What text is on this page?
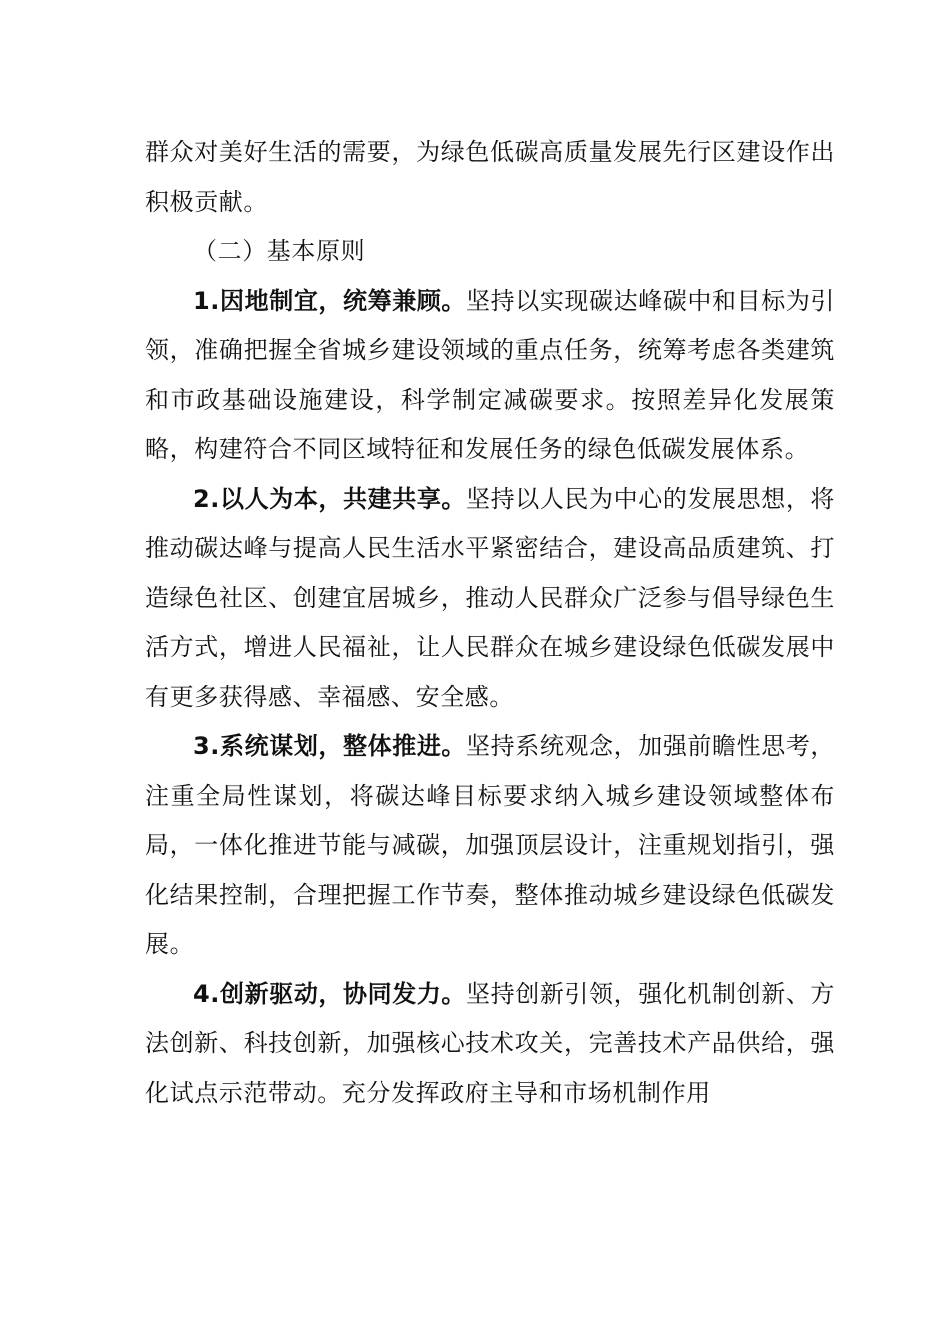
群众对美好生活的需要，为绿色低碳高质量发展先行区建设作出积极贡献。

（二）基本原则

1.因地制宜，统筹兼顾。坚持以实现碳达峰碳中和目标为引领，准确把握全省城乡建设领域的重点任务，统筹考虑各类建筑和市政基础设施建设，科学制定减碳要求。按照差异化发展策略，构建符合不同区域特征和发展任务的绿色低碳发展体系。

2.以人为本，共建共享。坚持以人民为中心的发展思想，将推动碳达峰与提高人民生活水平紧密结合，建设高品质建筑、打造绿色社区、创建宜居城乡，推动人民群众广泛参与倡导绿色生活方式，增进人民福祉，让人民群众在城乡建设绿色低碳发展中有更多获得感、幸福感、安全感。

3.系统谋划，整体推进。坚持系统观念，加强前瞻性思考，注重全局性谋划，将碳达峰目标要求纳入城乡建设领域整体布局，一体化推进节能与减碳，加强顶层设计，注重规划指引，强化结果控制，合理把握工作节奏，整体推动城乡建设绿色低碳发展。

4.创新驱动，协同发力。坚持创新引领，强化机制创新、方法创新、科技创新，加强核心技术攻关，完善技术产品供给，强化试点示范带动。充分发挥政府主导和市场机制作用
